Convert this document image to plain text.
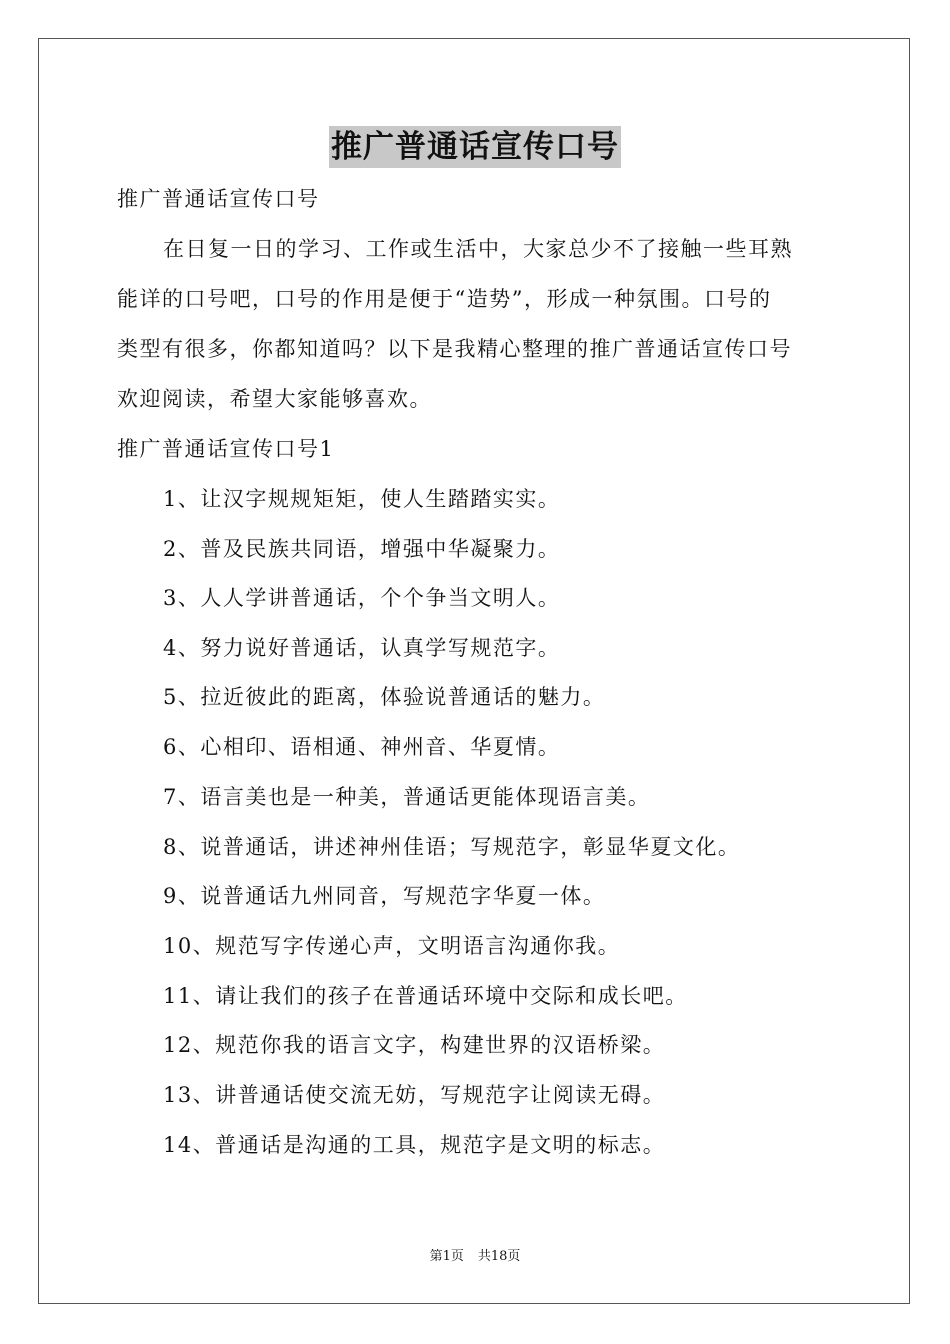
推广普通话宣传口号
推广普通话宣传口号
在日复一日的学习、工作或生活中，大家总少不了接触一些耳熟
能详的口号吧，口号的作用是便于“造势”，形成一种氛围。口号的
类型有很多，你都知道吗？以下是我精心整理的推广普通话宣传口号
欢迎阅读，希望大家能够喜欢。
推广普通话宣传口号1
1、让汉字规规矩矩，使人生踏踏实实。
2、普及民族共同语，增强中华凝聚力。
3、人人学讲普通话，个个争当文明人。
4、努力说好普通话，认真学写规范字。
5、拉近彼此的距离，体验说普通话的魅力。
6、心相印、语相通、神州音、华夏情。
7、语言美也是一种美，普通话更能体现语言美。
8、说普通话，讲述神州佳语；写规范字，彰显华夏文化。
9、说普通话九州同音，写规范字华夏一体。
10、规范写字传递心声，文明语言沟通你我。
11、请让我们的孩子在普通话环境中交际和成长吧。
12、规范你我的语言文字，构建世界的汉语桥梁。
13、讲普通话使交流无妨，写规范字让阅读无碍。
14、普通话是沟通的工具，规范字是文明的标志。
第1页 共18页
